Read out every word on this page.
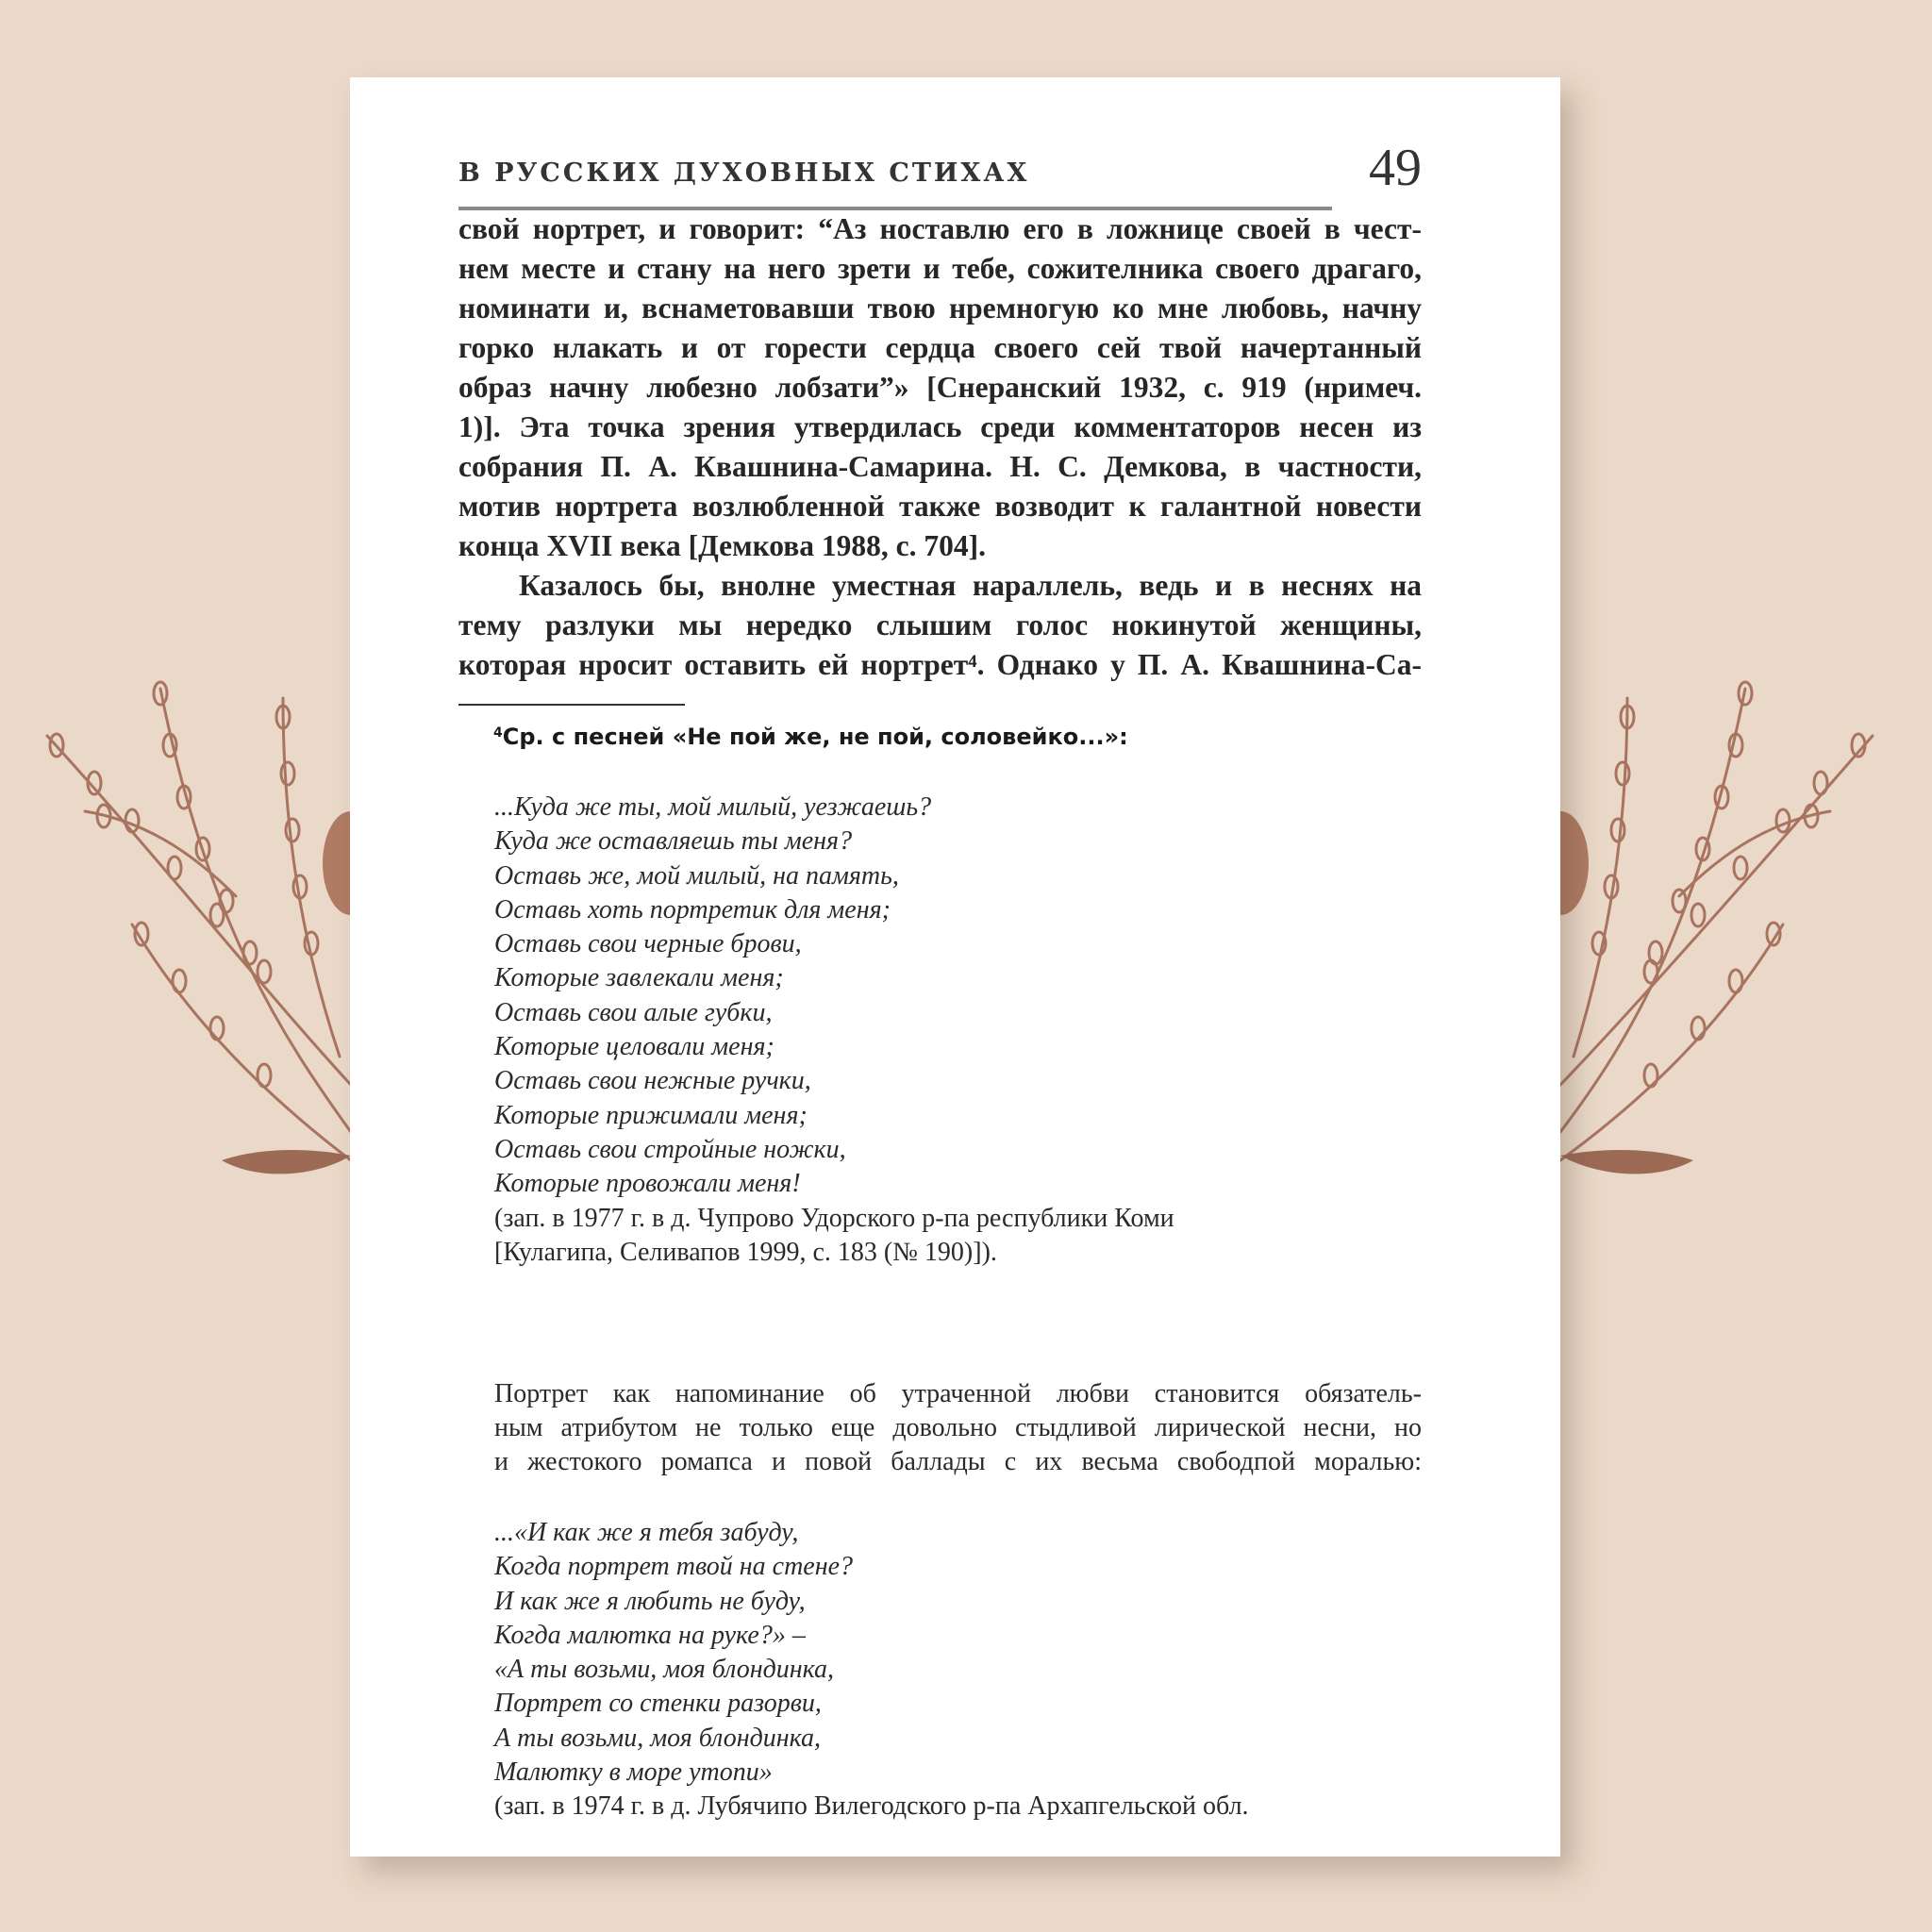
В РУССКИХ ДУХОВНЫХ СТИХАХ	49

свой нортрет, и говорит: “Аз ноставлю его в ложнице своей в чест-
нем месте и стану на него зрети и тебе, сожителника своего драгаго,
номинати и, вснаметовавши твою нремногую ко мне любовь, начну
горко нлакать и от горести сердца своего сей твой начертанный
образ начну любезно лобзати”» [Снеранский 1932, с. 919 (нримеч.
1)]. Эта точка зрения утвердилась среди комментаторов несен из
собрания П. А. Квашнина-Самарина. Н. С. Демкова, в частности,
мотив нортрета возлюбленной также возводит к галантной новести
конца XVII века [Демкова 1988, с. 704].

Казалось бы, внолне уместная нараллель, ведь и в неснях на
тему разлуки мы нередко слышим голос нокинутой женщины,
которая нросит оставить ей нортрет⁴. Однако у П. А. Квашнина-Са-

$^4$Ср. с песней «Не пой же, не пой, соловейко...»:
...Куда же ты, мой милый, уезжаешь?
Куда же оставляешь ты меня?
Оставь же, мой милый, на память,
Оставь хоть портретик для меня;
Оставь свои черные брови,
Которые завлекали меня;
Оставь свои алые губки,
Которые целовали меня;
Оставь свои нежные ручки,
Которые прижимали меня;
Оставь свои стройные ножки,
Которые провожали меня!
(зап. в 1977 г. в д. Чупрово Удорского р-па республики Коми
[Кулагипа, Селивапов 1999, с. 183 (№ 190)]).
Портрет как напоминание об утраченной любви становится обязатель-
ным атрибутом не только еще довольно стыдливой лирической несни, но
и жестокого ромапса и повой баллады с их весьма свободпой моралью:
...«И как же я тебя забуду,
Когда портрет твой на стене?
И как же я любить не буду,
Когда малютка на руке?» –
«А ты возьми, моя блондинка,
Портрет со стенки разорви,
А ты возьми, моя блондинка,
Малютку в море утопи»
(зап. в 1974 г. в д. Лубячипо Вилегодского р-па Архапгельской обл.
